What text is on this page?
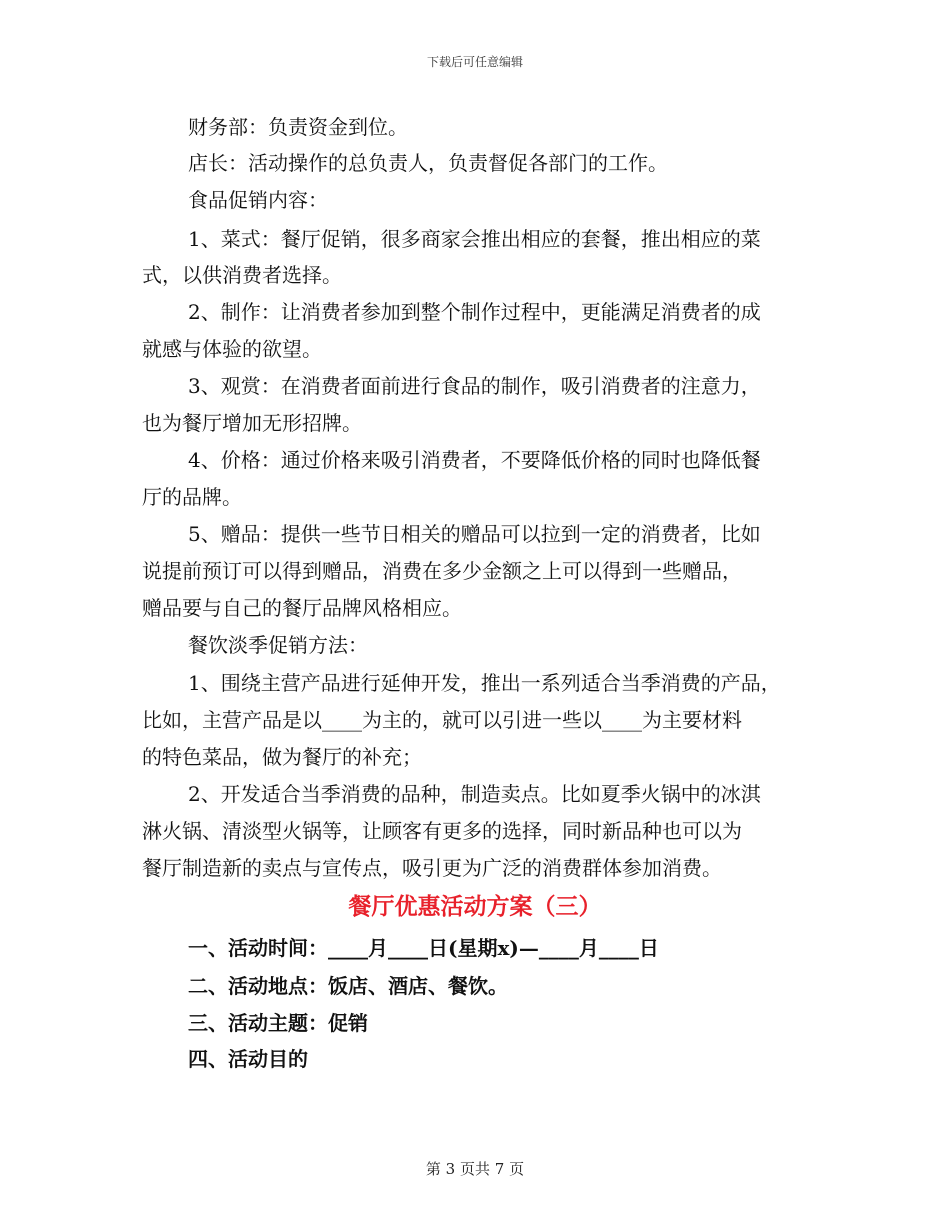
下载后可任意编辑
财务部：负责资金到位。
店长：活动操作的总负责人，负责督促各部门的工作。
食品促销内容：
1、菜式：餐厅促销，很多商家会推出相应的套餐，推出相应的菜
式，以供消费者选择。
2、制作：让消费者参加到整个制作过程中，更能满足消费者的成
就感与体验的欲望。
3、观赏：在消费者面前进行食品的制作，吸引消费者的注意力，
也为餐厅增加无形招牌。
4、价格：通过价格来吸引消费者，不要降低价格的同时也降低餐
厅的品牌。
5、赠品：提供一些节日相关的赠品可以拉到一定的消费者，比如
说提前预订可以得到赠品，消费在多少金额之上可以得到一些赠品，
赠品要与自己的餐厅品牌风格相应。
餐饮淡季促销方法：
1、围绕主营产品进行延伸开发，推出一系列适合当季消费的产品，
比如，主营产品是以____为主的，就可以引进一些以____为主要材料
的特色菜品，做为餐厅的补充；
2、开发适合当季消费的品种，制造卖点。比如夏季火锅中的冰淇
淋火锅、清淡型火锅等，让顾客有更多的选择，同时新品种也可以为
餐厅制造新的卖点与宣传点，吸引更为广泛的消费群体参加消费。
餐厅优惠活动方案（三）
一、活动时间：____月____日(星期x)—____月____日
二、活动地点：饭店、酒店、餐饮。
三、活动主题：促销
四、活动目的
第 3 页共 7 页
